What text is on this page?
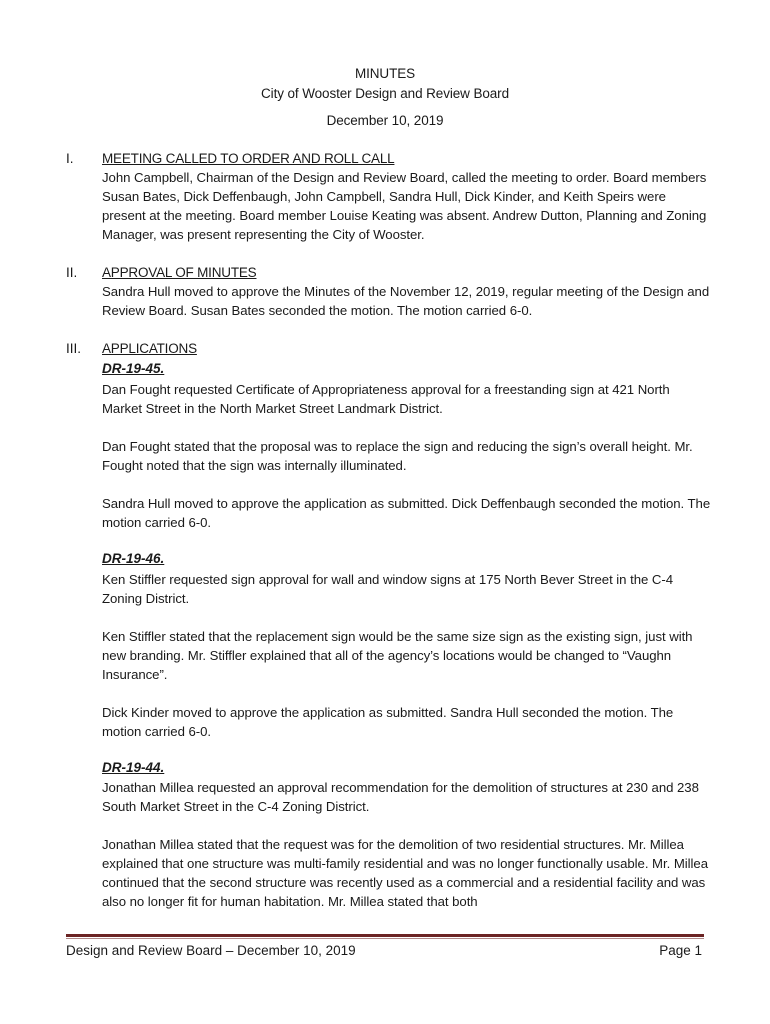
MINUTES
City of Wooster Design and Review Board
December 10, 2019
I. MEETING CALLED TO ORDER AND ROLL CALL
John Campbell, Chairman of the Design and Review Board, called the meeting to order. Board members Susan Bates, Dick Deffenbaugh, John Campbell, Sandra Hull, Dick Kinder, and Keith Speirs were present at the meeting. Board member Louise Keating was absent. Andrew Dutton, Planning and Zoning Manager, was present representing the City of Wooster.
II. APPROVAL OF MINUTES
Sandra Hull moved to approve the Minutes of the November 12, 2019, regular meeting of the Design and Review Board. Susan Bates seconded the motion. The motion carried 6-0.
III. APPLICATIONS
DR-19-45.
Dan Fought requested Certificate of Appropriateness approval for a freestanding sign at 421 North Market Street in the North Market Street Landmark District.
Dan Fought stated that the proposal was to replace the sign and reducing the sign’s overall height. Mr. Fought noted that the sign was internally illuminated.
Sandra Hull moved to approve the application as submitted. Dick Deffenbaugh seconded the motion. The motion carried 6-0.
DR-19-46.
Ken Stiffler requested sign approval for wall and window signs at 175 North Bever Street in the C-4 Zoning District.
Ken Stiffler stated that the replacement sign would be the same size sign as the existing sign, just with new branding. Mr. Stiffler explained that all of the agency’s locations would be changed to “Vaughn Insurance”.
Dick Kinder moved to approve the application as submitted. Sandra Hull seconded the motion. The motion carried 6-0.
DR-19-44.
Jonathan Millea requested an approval recommendation for the demolition of structures at 230 and 238 South Market Street in the C-4 Zoning District.
Jonathan Millea stated that the request was for the demolition of two residential structures. Mr. Millea explained that one structure was multi-family residential and was no longer functionally usable. Mr. Millea continued that the second structure was recently used as a commercial and a residential facility and was also no longer fit for human habitation. Mr. Millea stated that both
Design and Review Board – December 10, 2019	Page 1
